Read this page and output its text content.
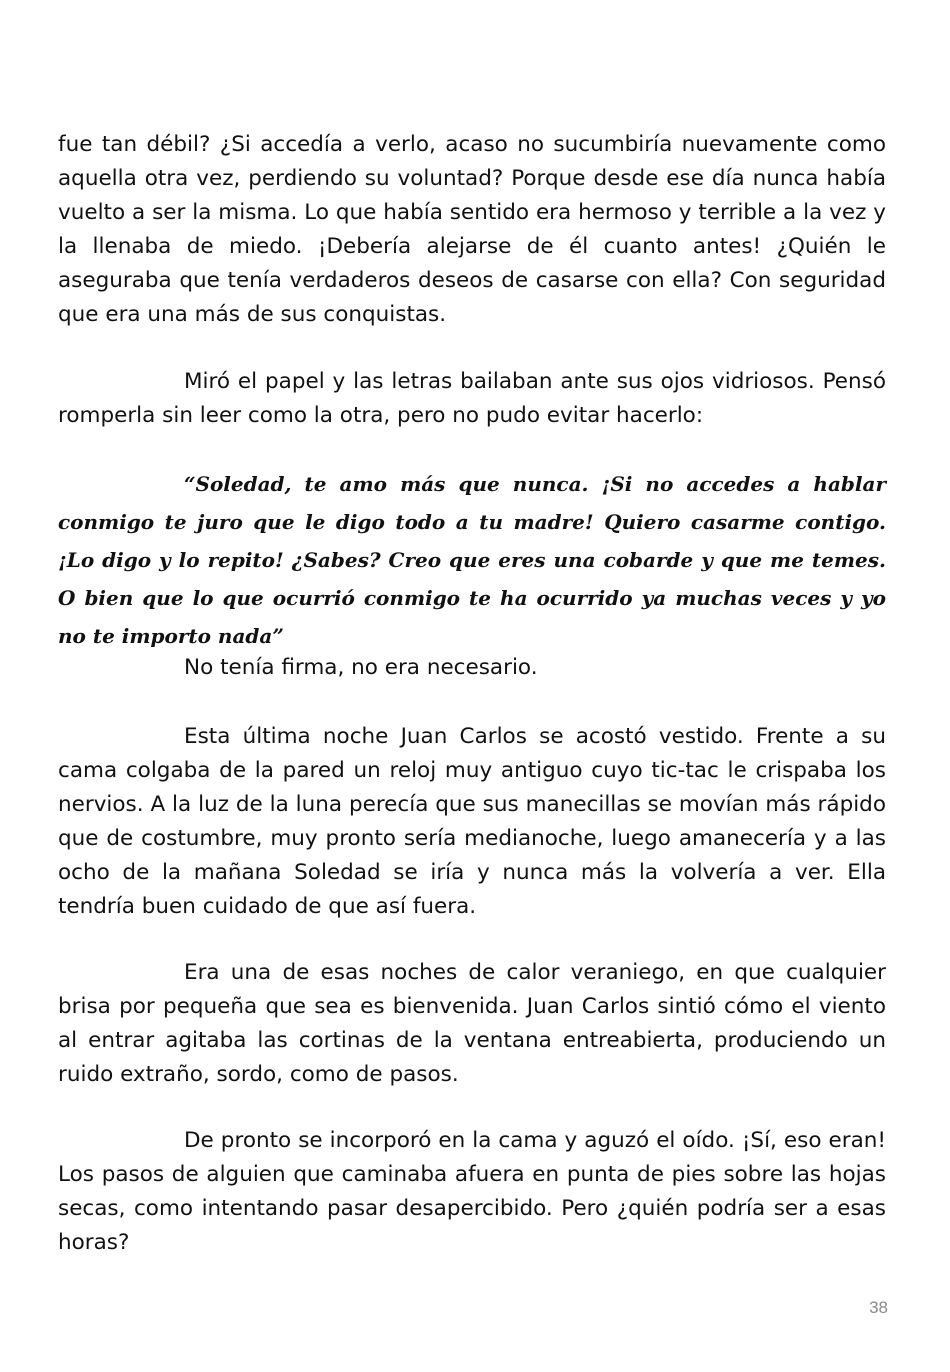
fue tan débil? ¿Si accedía a verlo, acaso no sucumbiría nuevamente como aquella otra vez, perdiendo su voluntad? Porque desde ese día nunca había vuelto a ser la misma. Lo que había sentido era hermoso y terrible a la vez y la llenaba de miedo. ¡Debería alejarse de él cuanto antes! ¿Quién le aseguraba que tenía verdaderos deseos de casarse con ella? Con seguridad que era una más de sus conquistas.

Miró el papel y las letras bailaban ante sus ojos vidriosos. Pensó romperla sin leer como la otra, pero no pudo evitar hacerlo:

“Soledad, te amo más que nunca. ¡Si no accedes a hablar conmigo te juro que le digo todo a tu madre! Quiero casarme contigo. ¡Lo digo y lo repito! ¿Sabes? Creo que eres una cobarde y que me temes. O bien que lo que ocurrió conmigo te ha ocurrido ya muchas veces y yo no te importo nada”

No tenía firma, no era necesario.

Esta última noche Juan Carlos se acostó vestido. Frente a su cama colgaba de la pared un reloj muy antiguo cuyo tic-tac le crispaba los nervios. A la luz de la luna perecía que sus manecillas se movían más rápido que de costumbre, muy pronto sería medianoche, luego amanecería y a las ocho de la mañana Soledad se iría y nunca más la volvería a ver. Ella tendría buen cuidado de que así fuera.

Era una de esas noches de calor veraniego, en que cualquier brisa por pequeña que sea es bienvenida. Juan Carlos sintió cómo el viento al entrar agitaba las cortinas de la ventana entreabierta, produciendo un ruido extraño, sordo, como de pasos.

De pronto se incorporó en la cama y aguzó el oído. ¡Sí, eso eran! Los pasos de alguien que caminaba afuera en punta de pies sobre las hojas secas, como intentando pasar desapercibido. Pero ¿quién podría ser a esas horas?

38
